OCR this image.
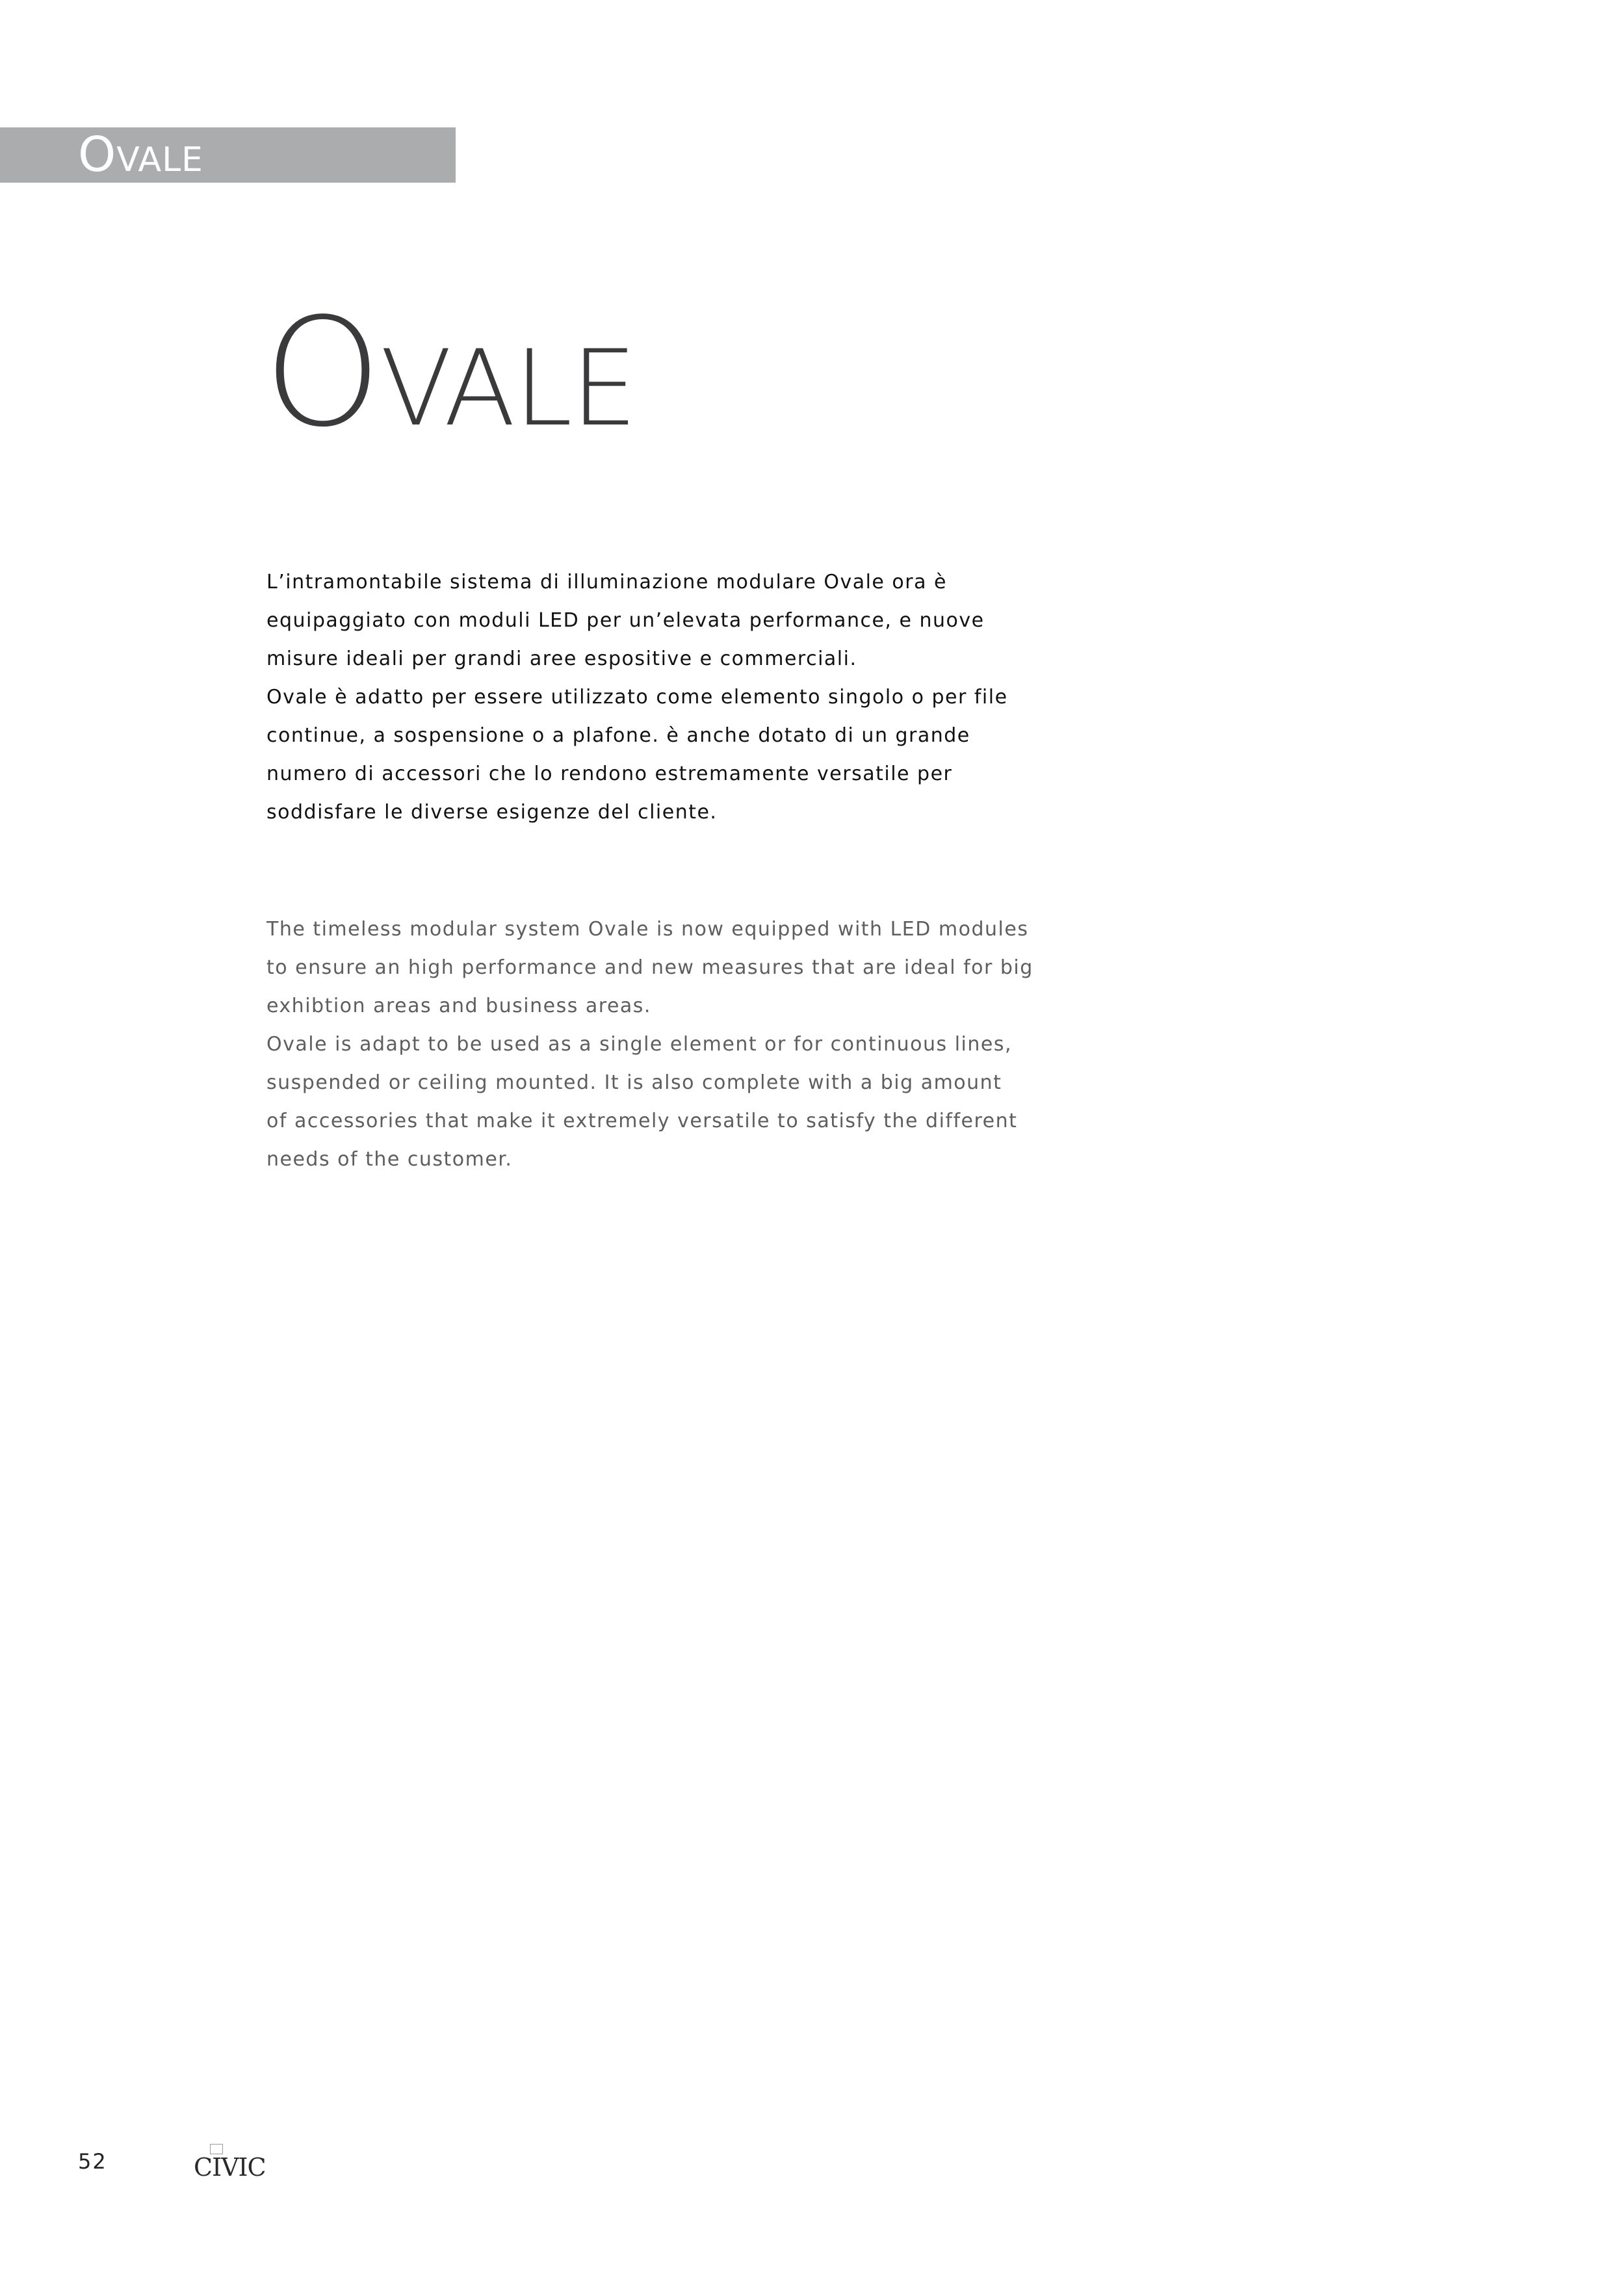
Ovale
Ovale

L’intramontabile sistema di illuminazione modulare Ovale ora è

equipaggiato con moduli LED per un’elevata performance, e nuove

misure ideali per grandi aree espositive e commerciali.

Ovale è adatto per essere utilizzato come elemento singolo o per file

continue, a sospensione o a plafone. è anche dotato di un grande

numero di accessori che lo rendono estremamente versatile per

soddisfare le diverse esigenze del cliente.

The timeless modular system Ovale is now equipped with LED modules

to ensure an high performance and new measures that are ideal for big

exhibtion areas and business areas.

Ovale is adapt to be used as a single element or for continuous lines,

suspended or ceiling mounted. It is also complete with a big amount

of accessories that make it extremely versatile to satisfy the different

needs of the customer.

52	CIVIC
